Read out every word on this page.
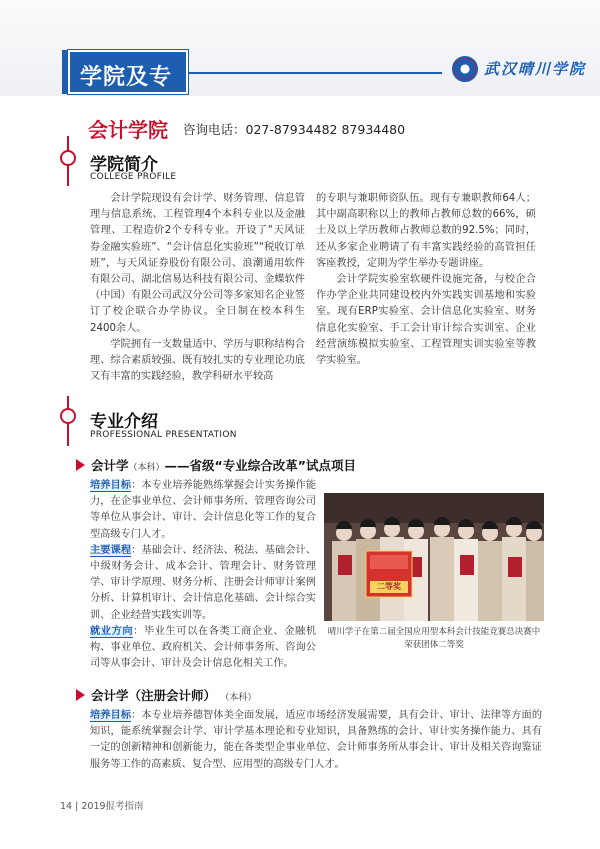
学院及专业
武汉晴川学院
会计学院 咨询电话：027-87934482 87934480
学院简介
COLLEGE PROFILE

会计学院现设有会计学、财务管理、信息管理与信息系统、工程管理4个本科专业以及金融管理、工程造价2个专科专业。开设了“天风证券金融实验班”、“会计信息化实验班”“税收订单班”，与天风证券股份有限公司、浪潮通用软件有限公司、湖北信易达科技有限公司、金蝶软件（中国）有限公司武汉分公司等多家知名企业签订了校企联合办学协议。全日制在校本科生2400余人。

学院拥有一支数量适中、学历与职称结构合理、综合素质较强、既有较扎实的专业理论功底又有丰富的实践经验，教学科研水平较高

的专职与兼职师资队伍。现有专兼职教师64人；其中副高职称以上的教师占教师总数的66%，硕士及以上学历教师占教师总数的92.5%；同时，还从多家企业聘请了有丰富实践经验的高管担任客座教授，定期为学生举办专题讲座。

会计学院实验室软硬件设施完备，与校企合作办学企业共同建设校内外实践实训基地和实验室。现有ERP实验室、会计信息化实验室、财务信息化实验室、手工会计审计综合实训室、企业经营演练模拟实验室、工程管理实训实验室等教学实验室。

专业介绍
PROFESSIONAL PRESENTATION
会计学（本科）——省级“专业综合改革”试点项目
培养目标：本专业培养能熟练掌握会计实务操作能力，在企事业单位、会计师事务所、管理咨询公司等单位从事会计、审计、会计信息化等工作的复合型高级专门人才。
主要课程：基础会计、经济法、税法、基础会计、中级财务会计、成本会计、管理会计、财务管理学、审计学原理、财务分析、注册会计师审计案例分析、计算机审计、会计信息化基础、会计综合实训、企业经营实践实训等。
就业方向：毕业生可以在各类工商企业、金融机构、事业单位、政府机关、会计师事务所、咨询公司等从事会计、审计及会计信息化相关工作。
二等奖
晴川学子在第二届全国应用型本科会计技能竞赛总决赛中荣获团体二等奖
会计学（注册会计师） （本科）
培养目标：本专业培养德智体美全面发展，适应市场经济发展需要，具有会计、审计、法律等方面的知识，能系统掌握会计学、审计学基本理论和专业知识，具备熟练的会计、审计实务操作能力、具有一定的创新精神和创新能力，能在各类型企事业单位、会计师事务所从事会计、审计及相关咨询鉴证服务等工作的高素质、复合型、应用型的高级专门人才。
14 | 2019报考指南
